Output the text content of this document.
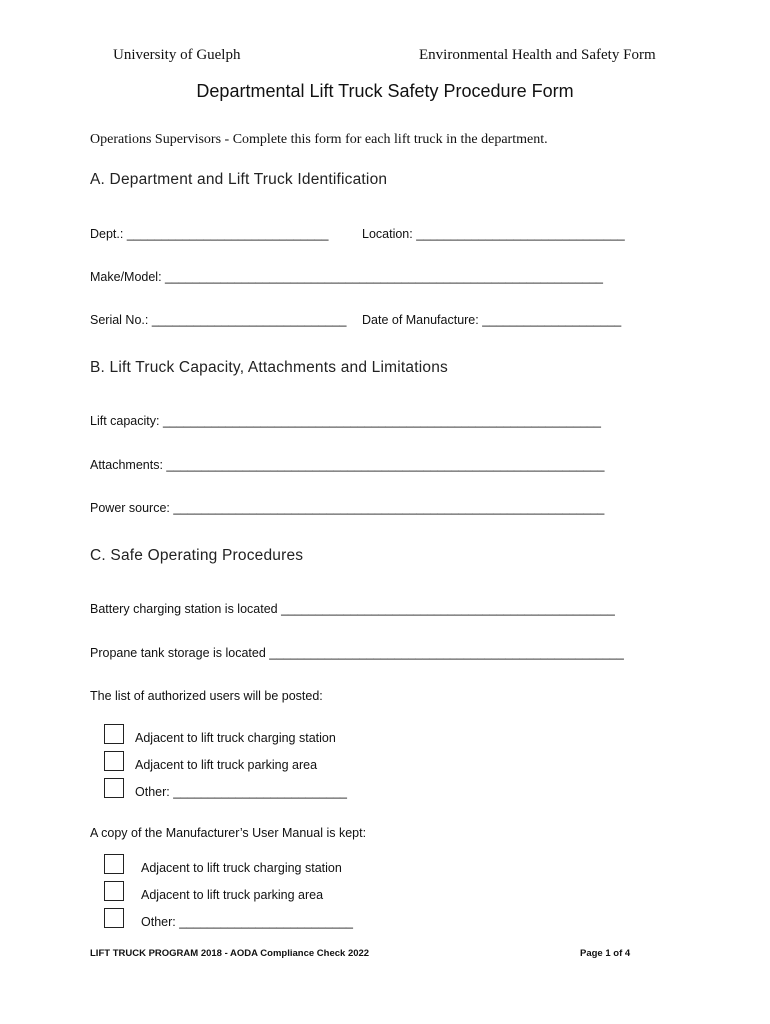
University of Guelph	Environmental Health and Safety Form
Departmental Lift Truck Safety Procedure Form
Operations Supervisors - Complete this form for each lift truck in the department.
A. Department and Lift Truck Identification
Dept.: _____________________________	Location: ______________________________
Make/Model: _______________________________________________________________
Serial No.: ____________________________ Date of Manufacture: ____________________
B. Lift Truck Capacity, Attachments and Limitations
Lift capacity: _______________________________________________________________
Attachments: _______________________________________________________________
Power source: ______________________________________________________________
C. Safe Operating Procedures
Battery charging station is located ________________________________________________
Propane tank storage is located ___________________________________________________
The list of authorized users will be posted:
Adjacent to lift truck charging station
Adjacent to lift truck parking area
Other: _________________________
A copy of the Manufacturer’s User Manual is kept:
Adjacent to lift truck charging station
Adjacent to lift truck parking area
Other: _________________________
LIFT TRUCK PROGRAM 2018 - AODA Compliance Check 2022	Page 1 of 4
